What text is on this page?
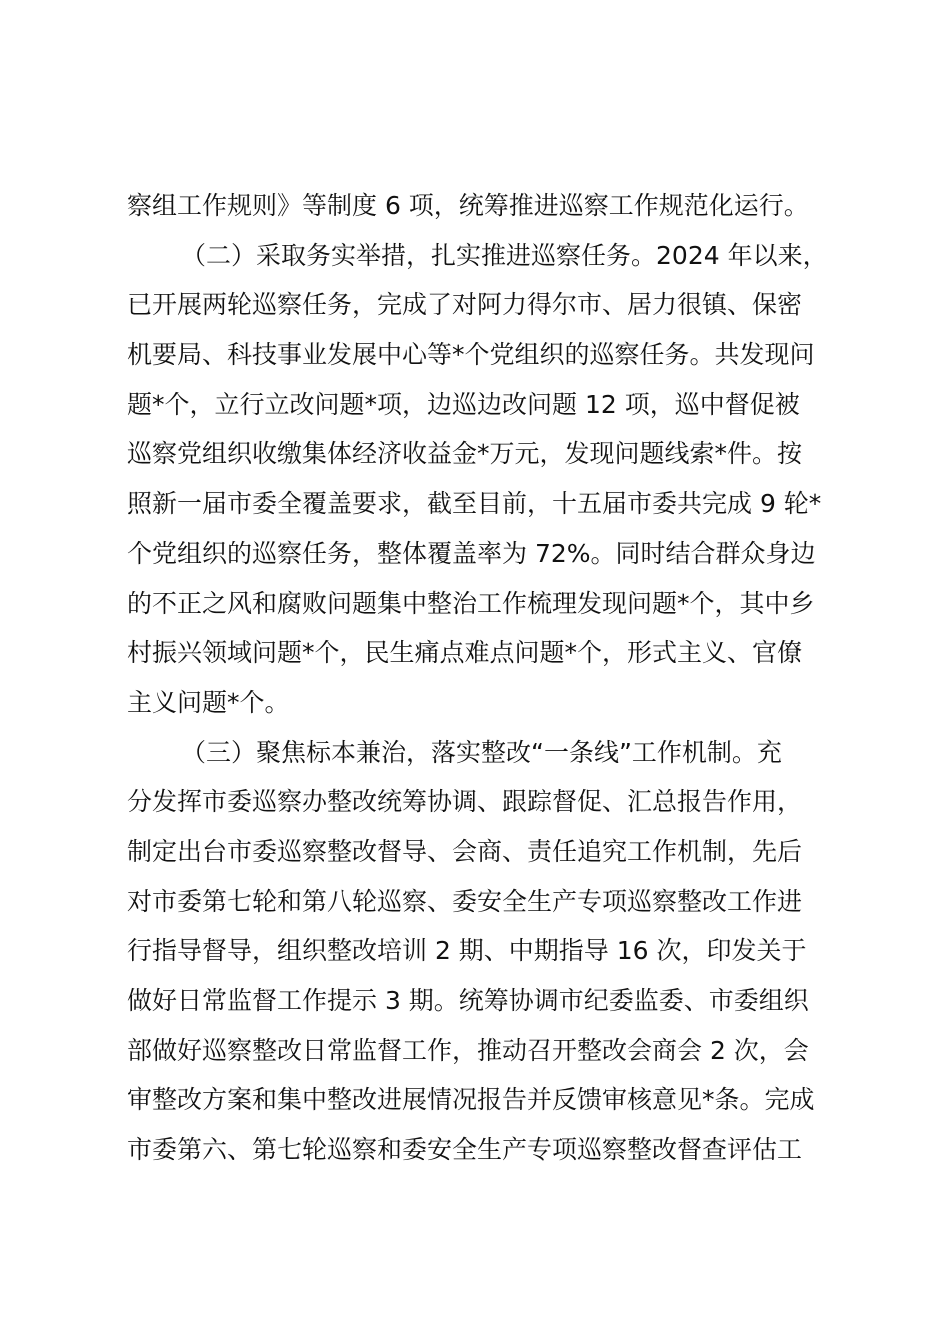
察组工作规则》等制度 6 项，统筹推进巡察工作规范化运行。
（二）采取务实举措，扎实推进巡察任务。2024 年以来，
已开展两轮巡察任务，完成了对阿力得尔市、居力很镇、保密
机要局、科技事业发展中心等*个党组织的巡察任务。共发现问
题*个，立行立改问题*项，边巡边改问题 12 项，巡中督促被
巡察党组织收缴集体经济收益金*万元，发现问题线索*件。按
照新一届市委全覆盖要求，截至目前，十五届市委共完成 9 轮*
个党组织的巡察任务，整体覆盖率为 72%。同时结合群众身边
的不正之风和腐败问题集中整治工作梳理发现问题*个，其中乡
村振兴领域问题*个，民生痛点难点问题*个，形式主义、官僚
主义问题*个。
（三）聚焦标本兼治，落实整改“一条线”工作机制。充
分发挥市委巡察办整改统筹协调、跟踪督促、汇总报告作用，
制定出台市委巡察整改督导、会商、责任追究工作机制，先后
对市委第七轮和第八轮巡察、委安全生产专项巡察整改工作进
行指导督导，组织整改培训 2 期、中期指导 16 次，印发关于
做好日常监督工作提示 3 期。统筹协调市纪委监委、市委组织
部做好巡察整改日常监督工作，推动召开整改会商会 2 次，会
审整改方案和集中整改进展情况报告并反馈审核意见*条。完成
市委第六、第七轮巡察和委安全生产专项巡察整改督查评估工
